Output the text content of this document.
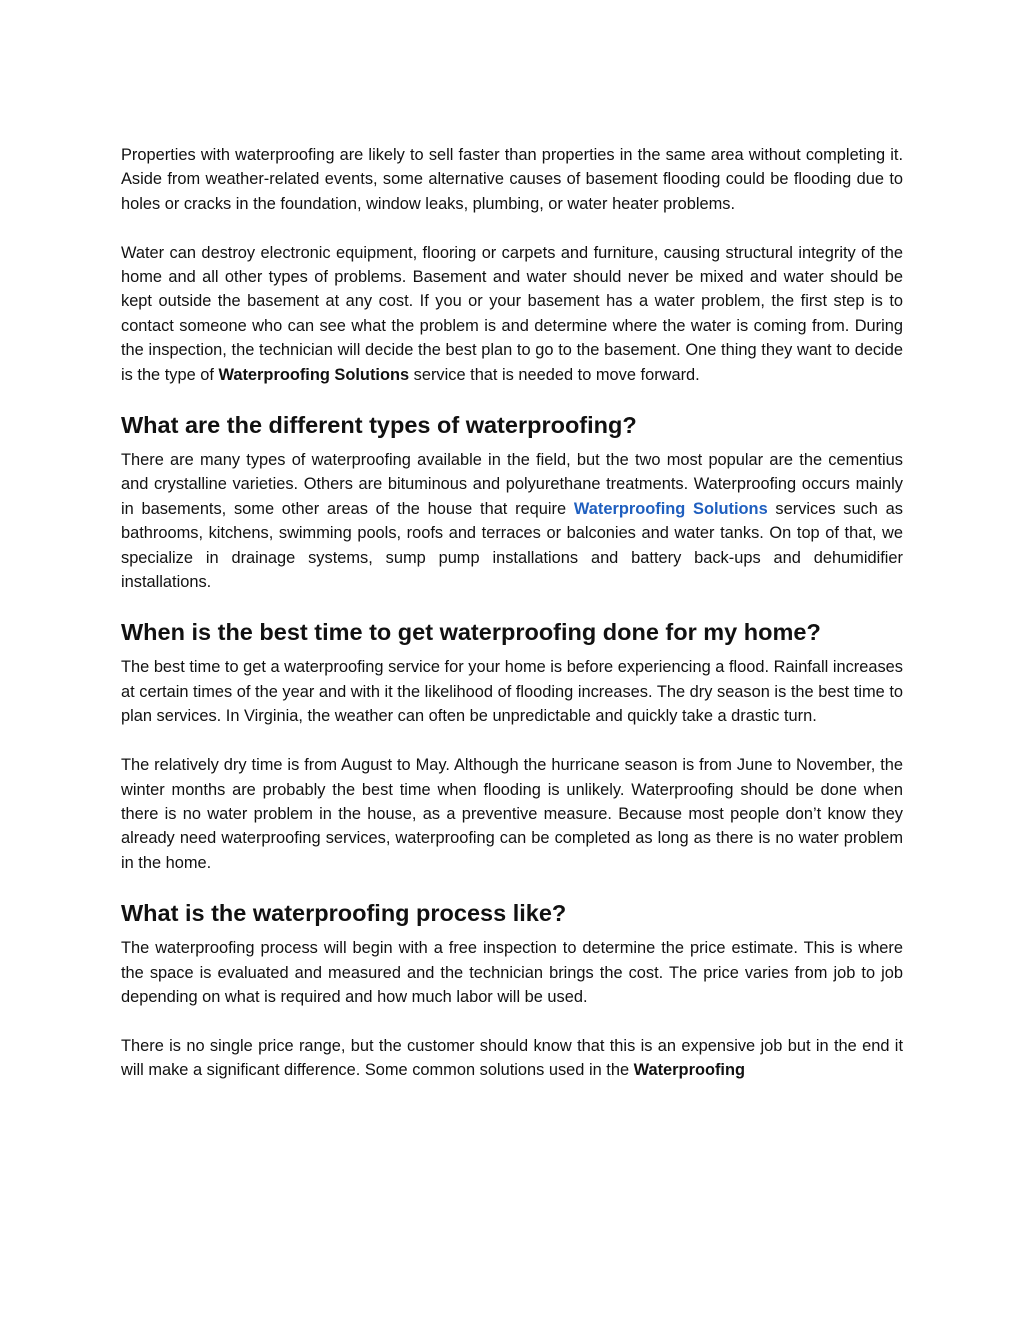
Properties with waterproofing are likely to sell faster than properties in the same area without completing it. Aside from weather-related events, some alternative causes of basement flooding could be flooding due to holes or cracks in the foundation, window leaks, plumbing, or water heater problems.

Water can destroy electronic equipment, flooring or carpets and furniture, causing structural integrity of the home and all other types of problems. Basement and water should never be mixed and water should be kept outside the basement at any cost. If you or your basement has a water problem, the first step is to contact someone who can see what the problem is and determine where the water is coming from. During the inspection, the technician will decide the best plan to go to the basement. One thing they want to decide is the type of Waterproofing Solutions service that is needed to move forward.

What are the different types of waterproofing?

There are many types of waterproofing available in the field, but the two most popular are the cementius and crystalline varieties. Others are bituminous and polyurethane treatments. Waterproofing occurs mainly in basements, some other areas of the house that require Waterproofing Solutions services such as bathrooms, kitchens, swimming pools, roofs and terraces or balconies and water tanks. On top of that, we specialize in drainage systems, sump pump installations and battery back-ups and dehumidifier installations.

When is the best time to get waterproofing done for my home?

The best time to get a waterproofing service for your home is before experiencing a flood. Rainfall increases at certain times of the year and with it the likelihood of flooding increases. The dry season is the best time to plan services. In Virginia, the weather can often be unpredictable and quickly take a drastic turn.

The relatively dry time is from August to May. Although the hurricane season is from June to November, the winter months are probably the best time when flooding is unlikely. Waterproofing should be done when there is no water problem in the house, as a preventive measure. Because most people don’t know they already need waterproofing services, waterproofing can be completed as long as there is no water problem in the home.

What is the waterproofing process like?

The waterproofing process will begin with a free inspection to determine the price estimate. This is where the space is evaluated and measured and the technician brings the cost. The price varies from job to job depending on what is required and how much labor will be used.

There is no single price range, but the customer should know that this is an expensive job but in the end it will make a significant difference. Some common solutions used in the Waterproofing
